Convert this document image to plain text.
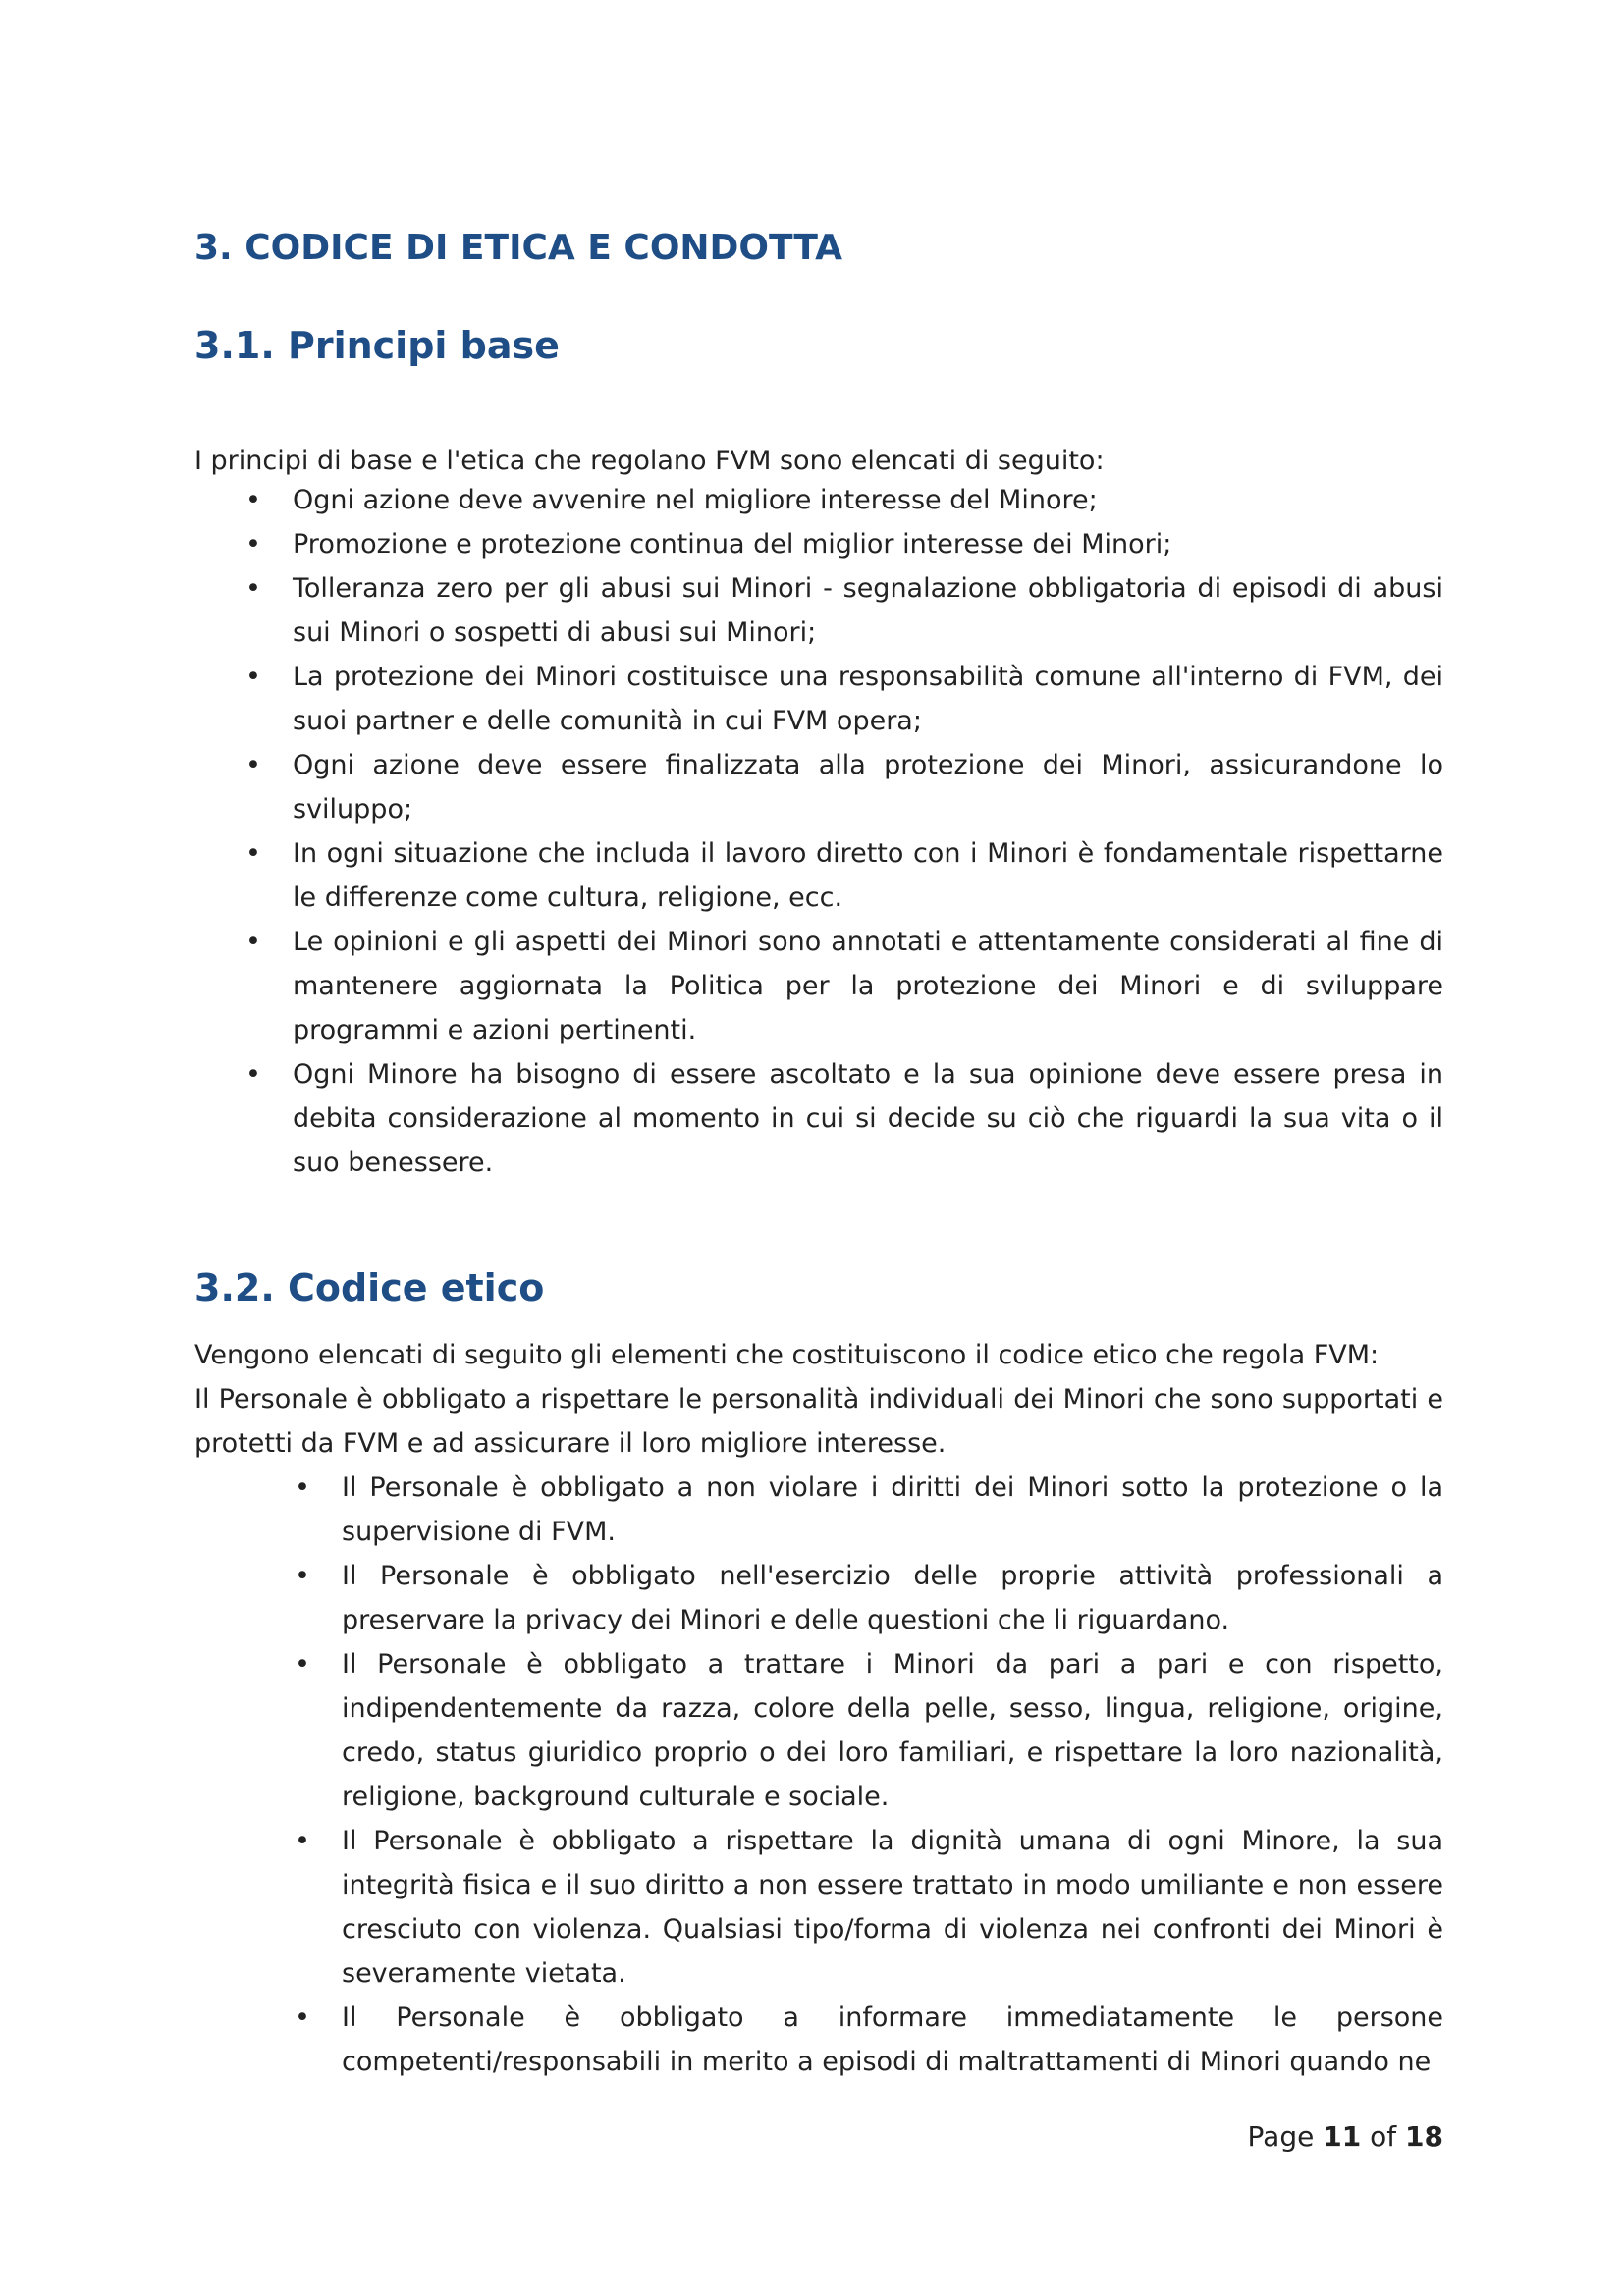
3. CODICE DI ETICA E CONDOTTA
3.1. Principi base

I principi di base e l'etica che regolano FVM sono elencati di seguito:

• Ogni azione deve avvenire nel migliore interesse del Minore;
• Promozione e protezione continua del miglior interesse dei Minori;
• Tolleranza zero per gli abusi sui Minori - segnalazione obbligatoria di episodi di abusi sui Minori o sospetti di abusi sui Minori;
• La protezione dei Minori costituisce una responsabilità comune all'interno di FVM, dei suoi partner e delle comunità in cui FVM opera;
• Ogni azione deve essere finalizzata alla protezione dei Minori, assicurandone lo sviluppo;
• In ogni situazione che includa il lavoro diretto con i Minori è fondamentale rispettarne le differenze come cultura, religione, ecc.
• Le opinioni e gli aspetti dei Minori sono annotati e attentamente considerati al fine di mantenere aggiornata la Politica per la protezione dei Minori e di sviluppare programmi e azioni pertinenti.
• Ogni Minore ha bisogno di essere ascoltato e la sua opinione deve essere presa in debita considerazione al momento in cui si decide su ciò che riguardi la sua vita o il suo benessere.
3.2. Codice etico

Vengono elencati di seguito gli elementi che costituiscono il codice etico che regola FVM:

Il Personale è obbligato a rispettare le personalità individuali dei Minori che sono supportati e protetti da FVM e ad assicurare il loro migliore interesse.

• Il Personale è obbligato a non violare i diritti dei Minori sotto la protezione o la supervisione di FVM.
• Il Personale è obbligato nell'esercizio delle proprie attività professionali a preservare la privacy dei Minori e delle questioni che li riguardano.
• Il Personale è obbligato a trattare i Minori da pari a pari e con rispetto, indipendentemente da razza, colore della pelle, sesso, lingua, religione, origine, credo, status giuridico proprio o dei loro familiari, e rispettare la loro nazionalità, religione, background culturale e sociale.
• Il Personale è obbligato a rispettare la dignità umana di ogni Minore, la sua integrità fisica e il suo diritto a non essere trattato in modo umiliante e non essere cresciuto con violenza. Qualsiasi tipo/forma di violenza nei confronti dei Minori è severamente vietata.
• Il Personale è obbligato a informare immediatamente le persone competenti/responsabili in merito a episodi di maltrattamenti di Minori quando ne
Page 11 of 18
